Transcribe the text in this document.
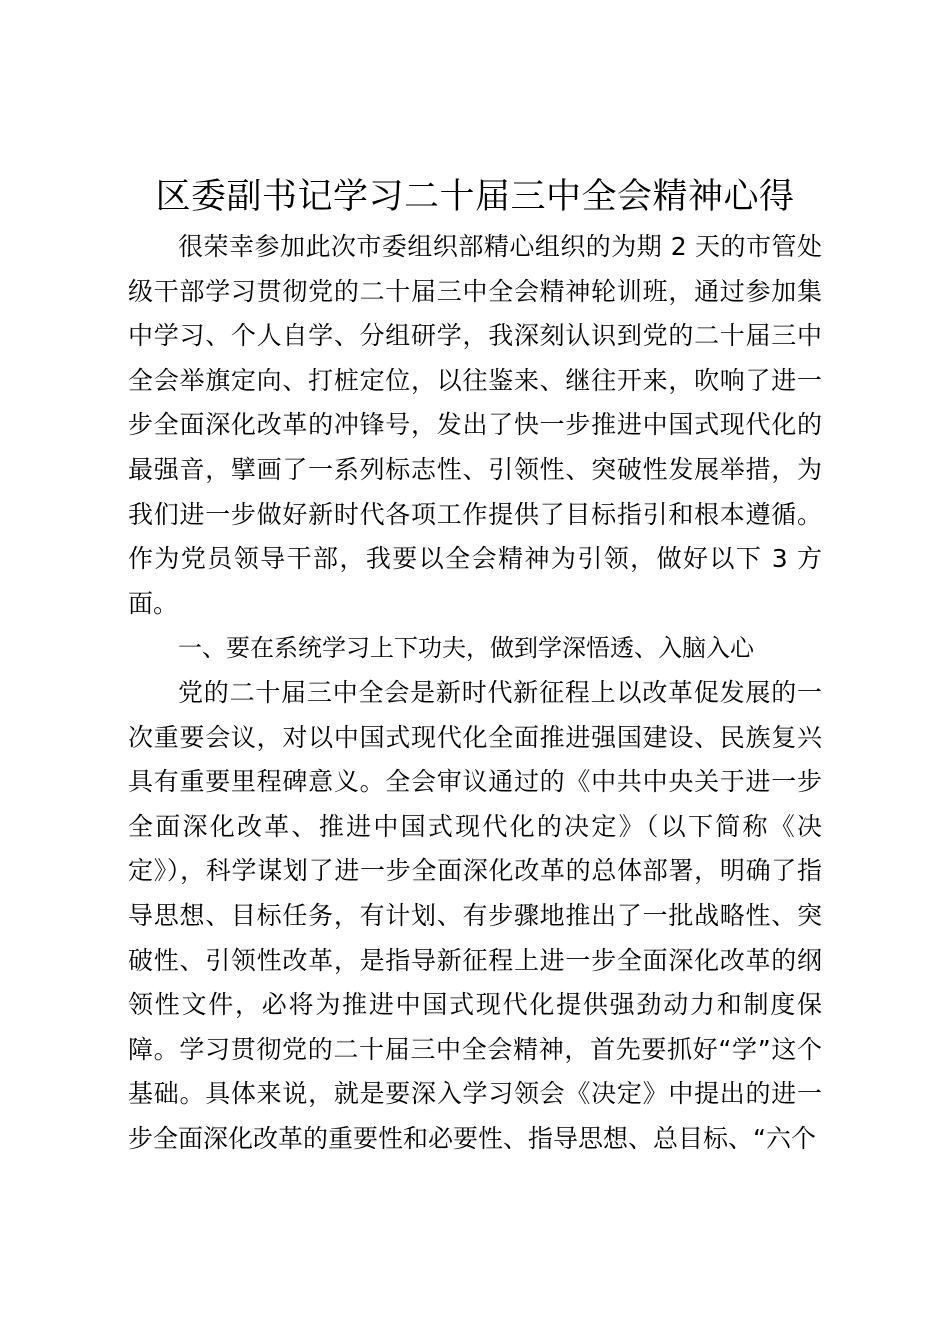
区委副书记学习二十届三中全会精神心得

很荣幸参加此次市委组织部精心组织的为期 2 天的市管处级干部学习贯彻党的二十届三中全会精神轮训班，通过参加集中学习、个人自学、分组研学，我深刻认识到党的二十届三中全会举旗定向、打桩定位，以往鉴来、继往开来，吹响了进一步全面深化改革的冲锋号，发出了快一步推进中国式现代化的最强音，擘画了一系列标志性、引领性、突破性发展举措，为我们进一步做好新时代各项工作提供了目标指引和根本遵循。作为党员领导干部，我要以全会精神为引领，做好以下 3 方面。

一、要在系统学习上下功夫，做到学深悟透、入脑入心

党的二十届三中全会是新时代新征程上以改革促发展的一次重要会议，对以中国式现代化全面推进强国建设、民族复兴具有重要里程碑意义。全会审议通过的《中共中央关于进一步全面深化改革、推进中国式现代化的决定》（以下简称《决定》），科学谋划了进一步全面深化改革的总体部署，明确了指导思想、目标任务，有计划、有步骤地推出了一批战略性、突破性、引领性改革，是指导新征程上进一步全面深化改革的纲领性文件，必将为推进中国式现代化提供强劲动力和制度保障。学习贯彻党的二十届三中全会精神，首先要抓好“学”这个基础。具体来说，就是要深入学习领会《决定》中提出的进一步全面深化改革的重要性和必要性、指导思想、总目标、“六个
